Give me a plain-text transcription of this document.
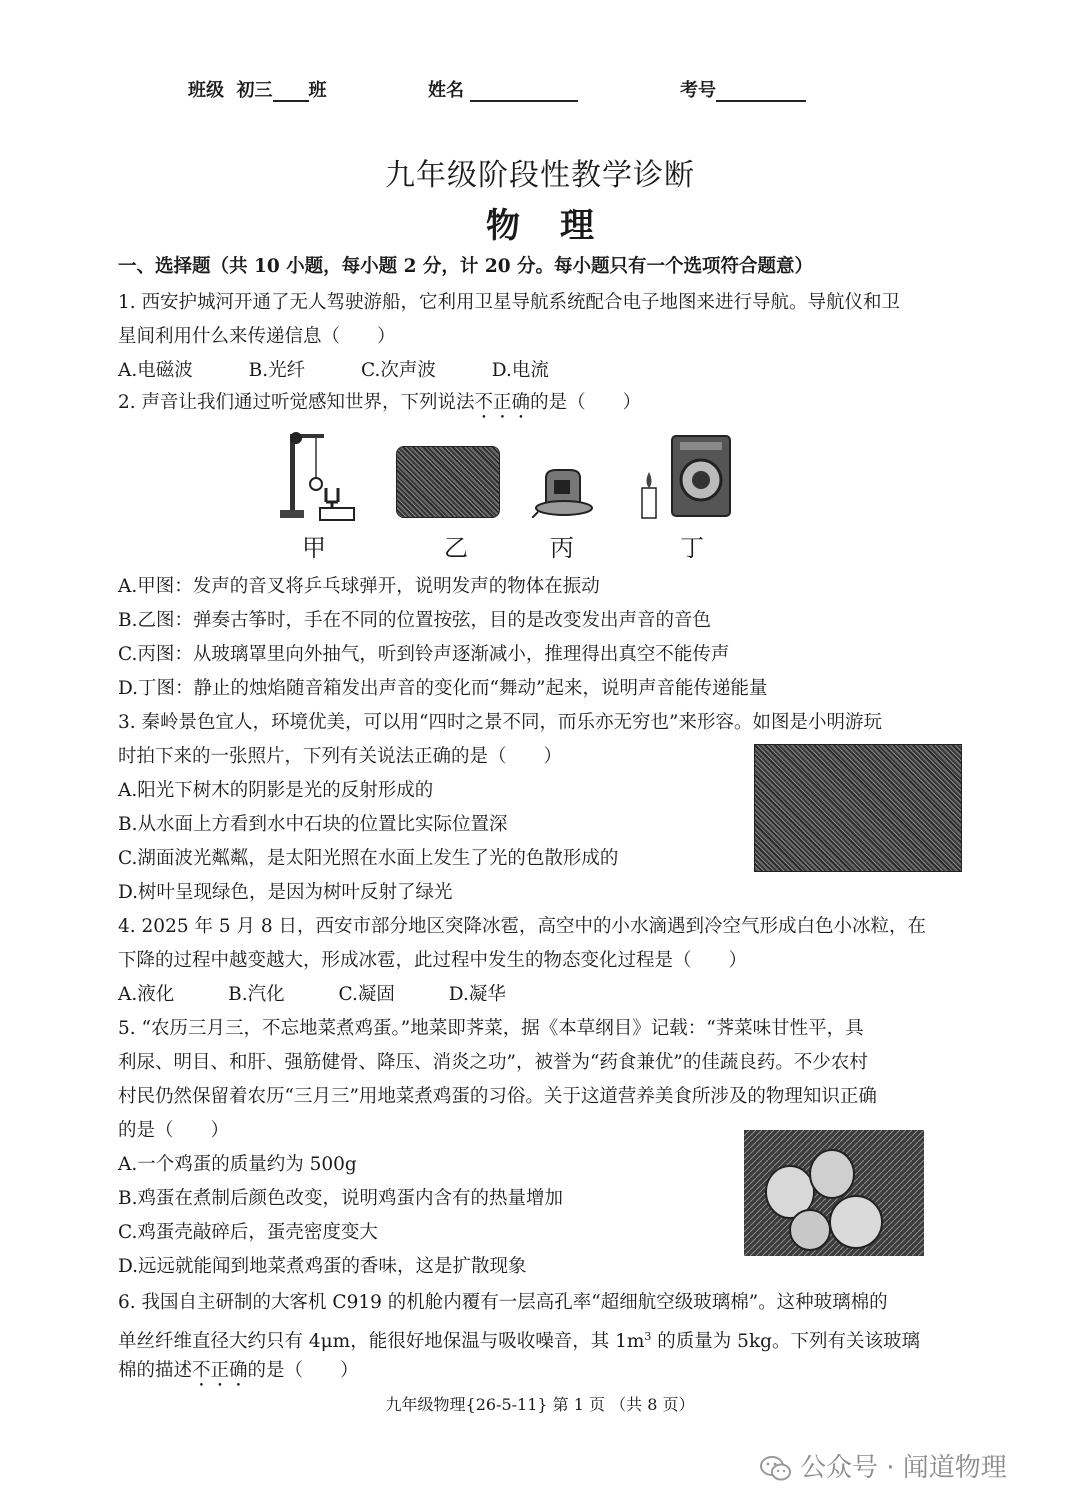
班级 初三 班	姓名	考号
九年级阶段性教学诊断
物理
一、选择题（共 10 小题，每小题 2 分，计 20 分。每小题只有一个选项符合题意）
1. 西安护城河开通了无人驾驶游船，它利用卫星导航系统配合电子地图来进行导航。导航仪和卫
星间利用什么来传递信息（　　）
A.电磁波	B.光纤	C.次声波	D.电流
2. 声音让我们通过听觉感知世界，下列说法不正确的是（　　）
甲	乙	丙	丁
A.甲图：发声的音叉将乒乓球弹开，说明发声的物体在振动
B.乙图：弹奏古筝时，手在不同的位置按弦，目的是改变发出声音的音色
C.丙图：从玻璃罩里向外抽气，听到铃声逐渐减小，推理得出真空不能传声
D.丁图：静止的烛焰随音箱发出声音的变化而“舞动”起来，说明声音能传递能量
3. 秦岭景色宜人，环境优美，可以用“四时之景不同，而乐亦无穷也”来形容。如图是小明游玩
时拍下来的一张照片，下列有关说法正确的是（　　）
A.阳光下树木的阴影是光的反射形成的
B.从水面上方看到水中石块的位置比实际位置深
C.湖面波光粼粼，是太阳光照在水面上发生了光的色散形成的
D.树叶呈现绿色，是因为树叶反射了绿光
4. 2025 年 5 月 8 日，西安市部分地区突降冰雹，高空中的小水滴遇到冷空气形成白色小冰粒，在
下降的过程中越变越大，形成冰雹，此过程中发生的物态变化过程是（　　）
A.液化	B.汽化	C.凝固	D.凝华
5. “农历三月三，不忘地菜煮鸡蛋。”地菜即荠菜，据《本草纲目》记载：“荠菜味甘性平，具
利尿、明目、和肝、强筋健骨、降压、消炎之功”，被誉为“药食兼优”的佳蔬良药。不少农村
村民仍然保留着农历“三月三”用地菜煮鸡蛋的习俗。关于这道营养美食所涉及的物理知识正确
的是（　　）
A.一个鸡蛋的质量约为 500g
B.鸡蛋在煮制后颜色改变，说明鸡蛋内含有的热量增加
C.鸡蛋壳敲碎后，蛋壳密度变大
D.远远就能闻到地菜煮鸡蛋的香味，这是扩散现象
6. 我国自主研制的大客机 C919 的机舱内覆有一层高孔率“超细航空级玻璃棉”。这种玻璃棉的
单丝纤维直径大约只有 4μm，能很好地保温与吸收噪音，其 $1m^3$ 的质量为 5kg。下列有关该玻璃
棉的描述不正确的是（　　）
九年级物理{26-5-11} 第 1 页 （共 8 页）
公众号 · 闻道物理
